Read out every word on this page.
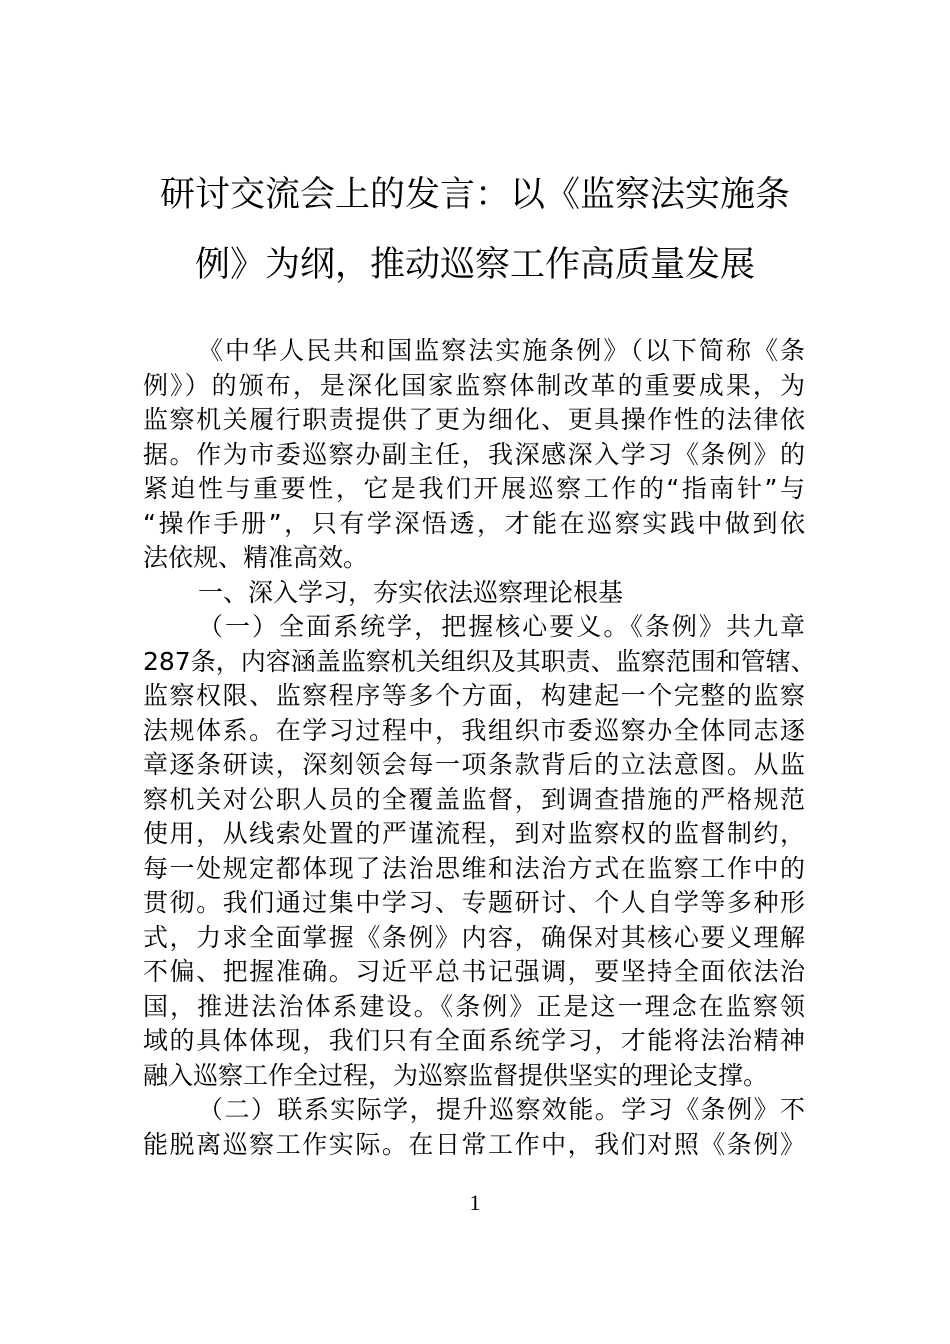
研讨交流会上的发言：以《监察法实施条
例》为纲，推动巡察工作高质量发展
《中华人民共和国监察法实施条例》（以下简称《条
例》）的颁布，是深化国家监察体制改革的重要成果，为
监察机关履行职责提供了更为细化、更具操作性的法律依
据。作为市委巡察办副主任，我深感深入学习《条例》的
紧迫性与重要性，它是我们开展巡察工作的“指南针”与
“操作手册”，只有学深悟透，才能在巡察实践中做到依
法依规、精准高效。
一、深入学习，夯实依法巡察理论根基
（一）全面系统学，把握核心要义。《条例》共九章
287条，内容涵盖监察机关组织及其职责、监察范围和管辖、
监察权限、监察程序等多个方面，构建起一个完整的监察
法规体系。在学习过程中，我组织市委巡察办全体同志逐
章逐条研读，深刻领会每一项条款背后的立法意图。从监
察机关对公职人员的全覆盖监督，到调查措施的严格规范
使用，从线索处置的严谨流程，到对监察权的监督制约，
每一处规定都体现了法治思维和法治方式在监察工作中的
贯彻。我们通过集中学习、专题研讨、个人自学等多种形
式，力求全面掌握《条例》内容，确保对其核心要义理解
不偏、把握准确。习近平总书记强调，要坚持全面依法治
国，推进法治体系建设。《条例》正是这一理念在监察领
域的具体体现，我们只有全面系统学习，才能将法治精神
融入巡察工作全过程，为巡察监督提供坚实的理论支撑。
（二）联系实际学，提升巡察效能。学习《条例》不
能脱离巡察工作实际。在日常工作中，我们对照《条例》
1
